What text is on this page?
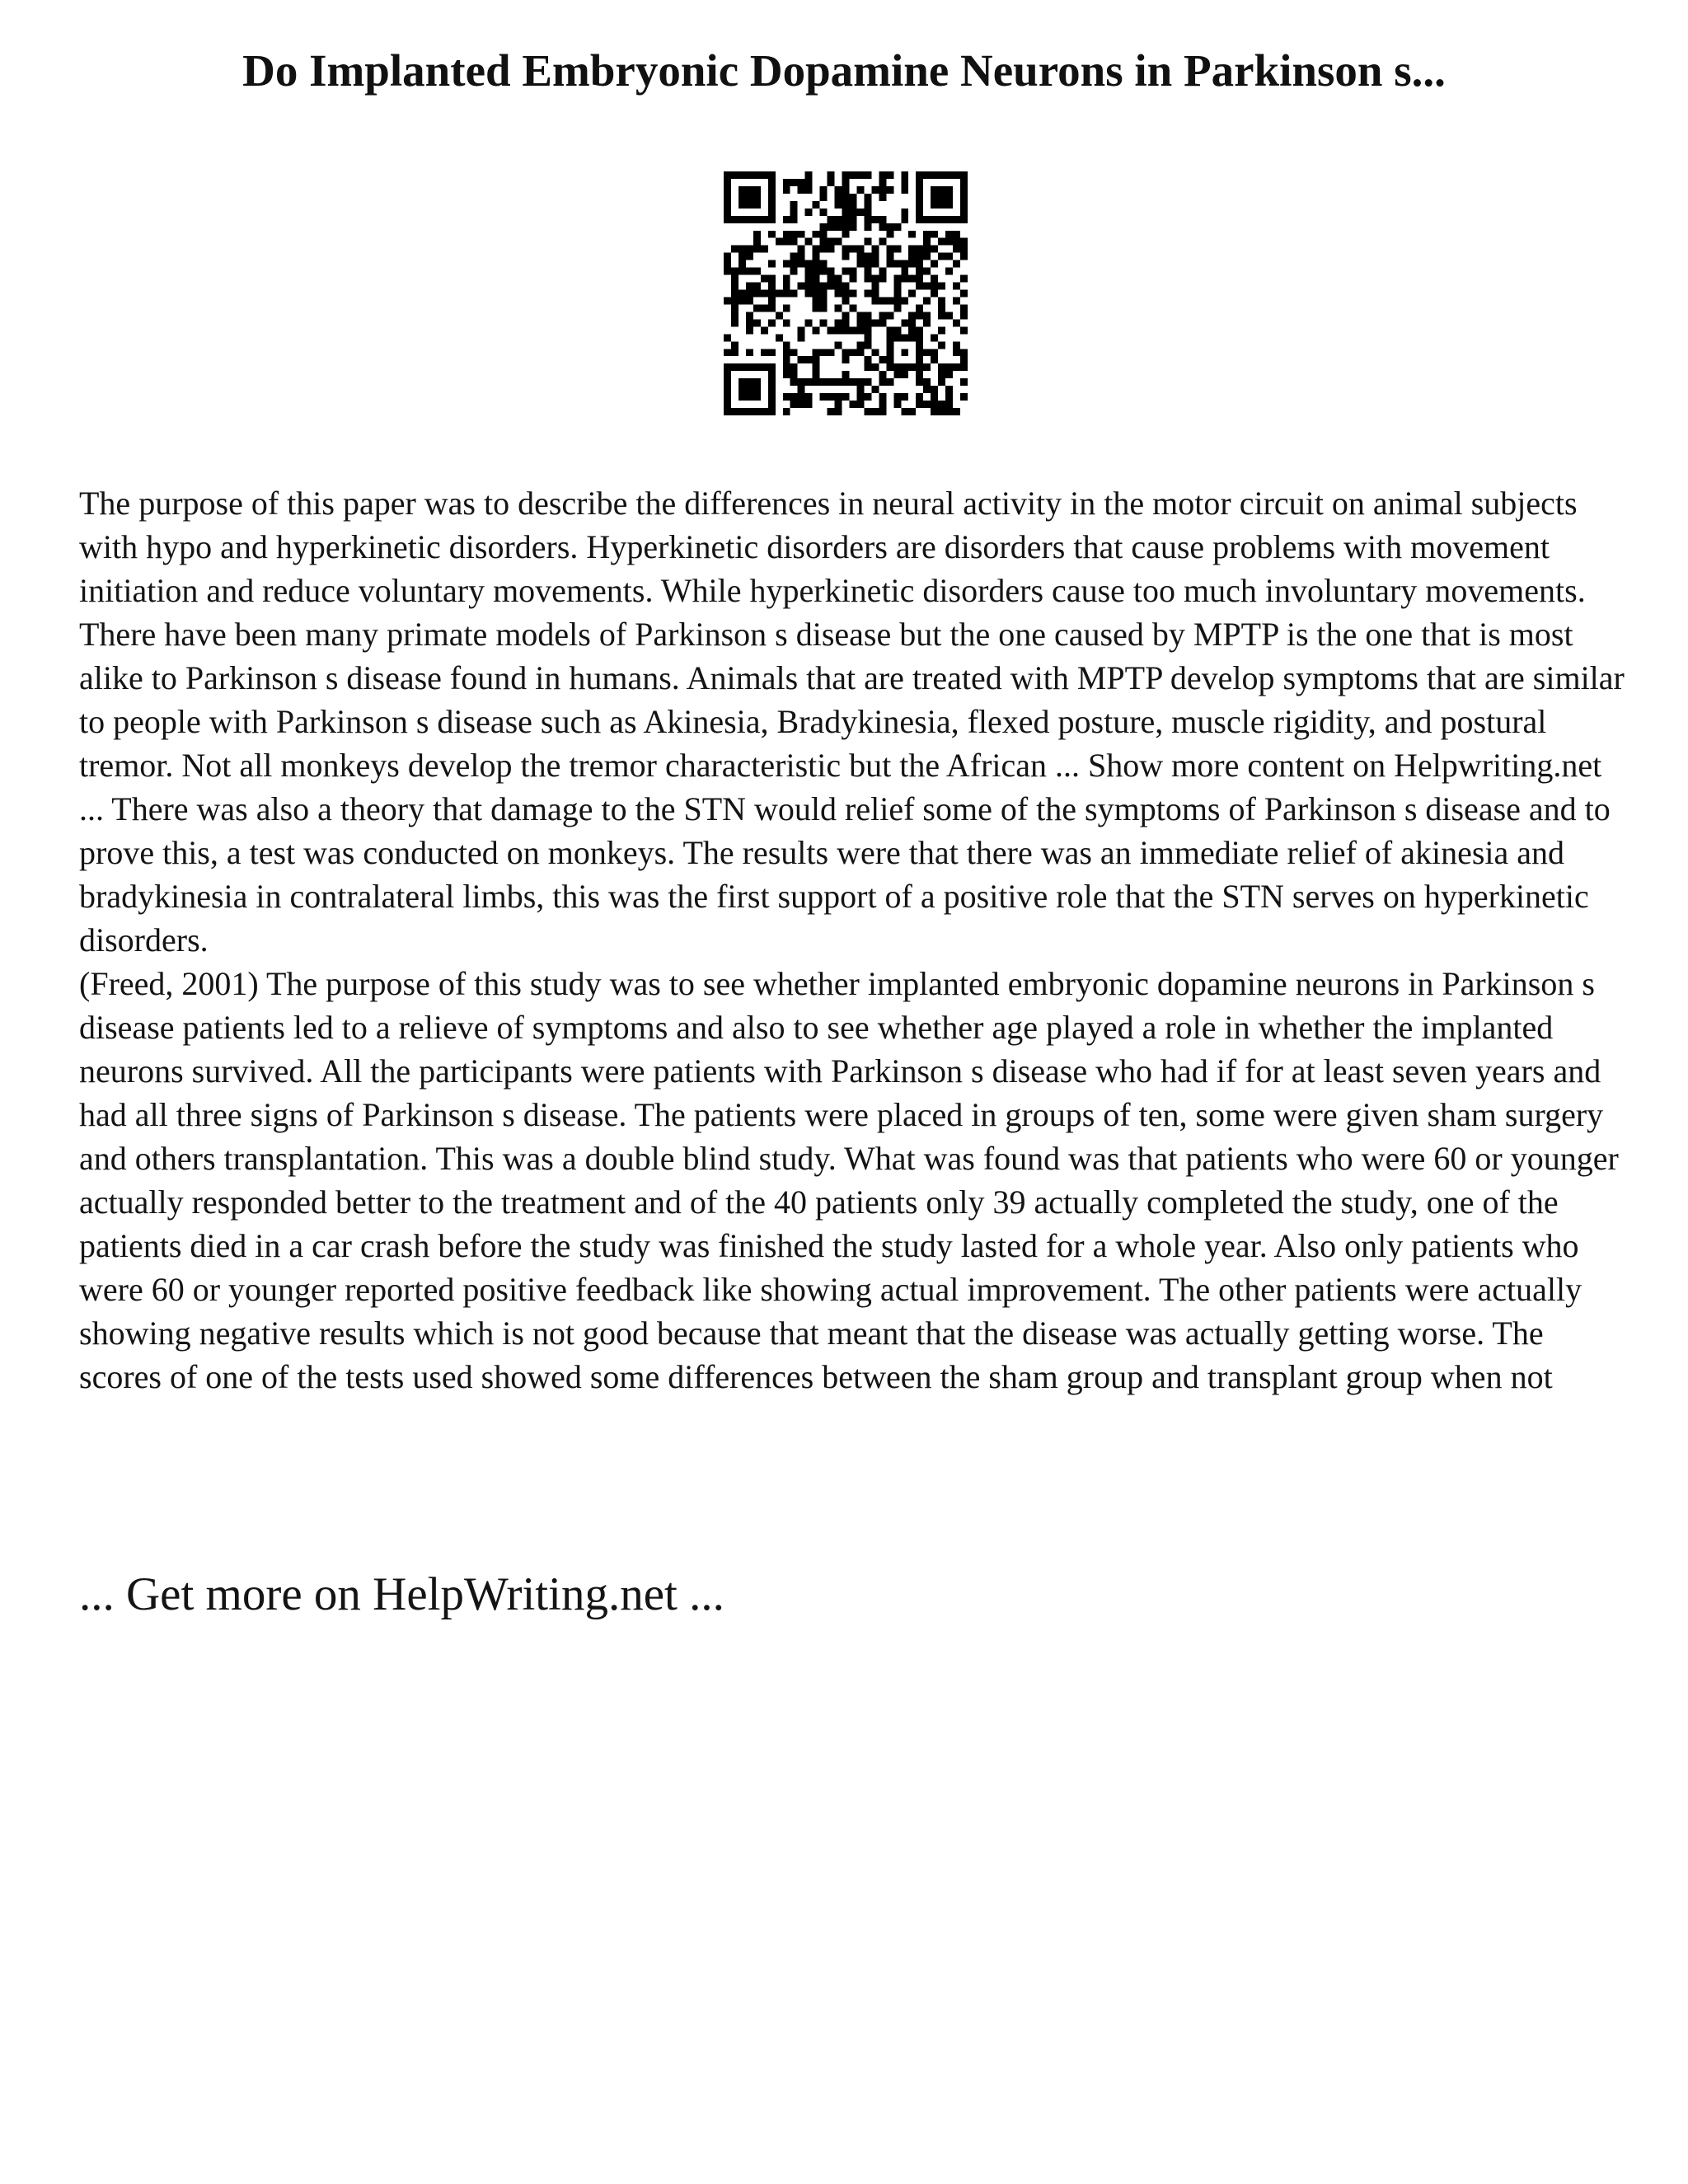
Do Implanted Embryonic Dopamine Neurons in Parkinson s...

The purpose of this paper was to describe the differences in neural activity in the motor circuit on animal subjects with hypo and hyperkinetic disorders. Hyperkinetic disorders are disorders that cause problems with movement initiation and reduce voluntary movements. While hyperkinetic disorders cause too much involuntary movements. There have been many primate models of Parkinson s disease but the one caused by MPTP is the one that is most alike to Parkinson s disease found in humans. Animals that are treated with MPTP develop symptoms that are similar to people with Parkinson s disease such as Akinesia, Bradykinesia, flexed posture, muscle rigidity, and postural tremor. Not all monkeys develop the tremor characteristic but the African ... Show more content on Helpwriting.net ... There was also a theory that damage to the STN would relief some of the symptoms of Parkinson s disease and to prove this, a test was conducted on monkeys. The results were that there was an immediate relief of akinesia and bradykinesia in contralateral limbs, this was the first support of a positive role that the STN serves on hyperkinetic disorders.

(Freed, 2001) The purpose of this study was to see whether implanted embryonic dopamine neurons in Parkinson s disease patients led to a relieve of symptoms and also to see whether age played a role in whether the implanted neurons survived. All the participants were patients with Parkinson s disease who had if for at least seven years and had all three signs of Parkinson s disease. The patients were placed in groups of ten, some were given sham surgery and others transplantation. This was a double blind study. What was found was that patients who were 60 or younger actually responded better to the treatment and of the 40 patients only 39 actually completed the study, one of the patients died in a car crash before the study was finished the study lasted for a whole year. Also only patients who were 60 or younger reported positive feedback like showing actual improvement. The other patients were actually showing negative results which is not good because that meant that the disease was actually getting worse. The scores of one of the tests used showed some differences between the sham group and transplant group when not

... Get more on HelpWriting.net ...
